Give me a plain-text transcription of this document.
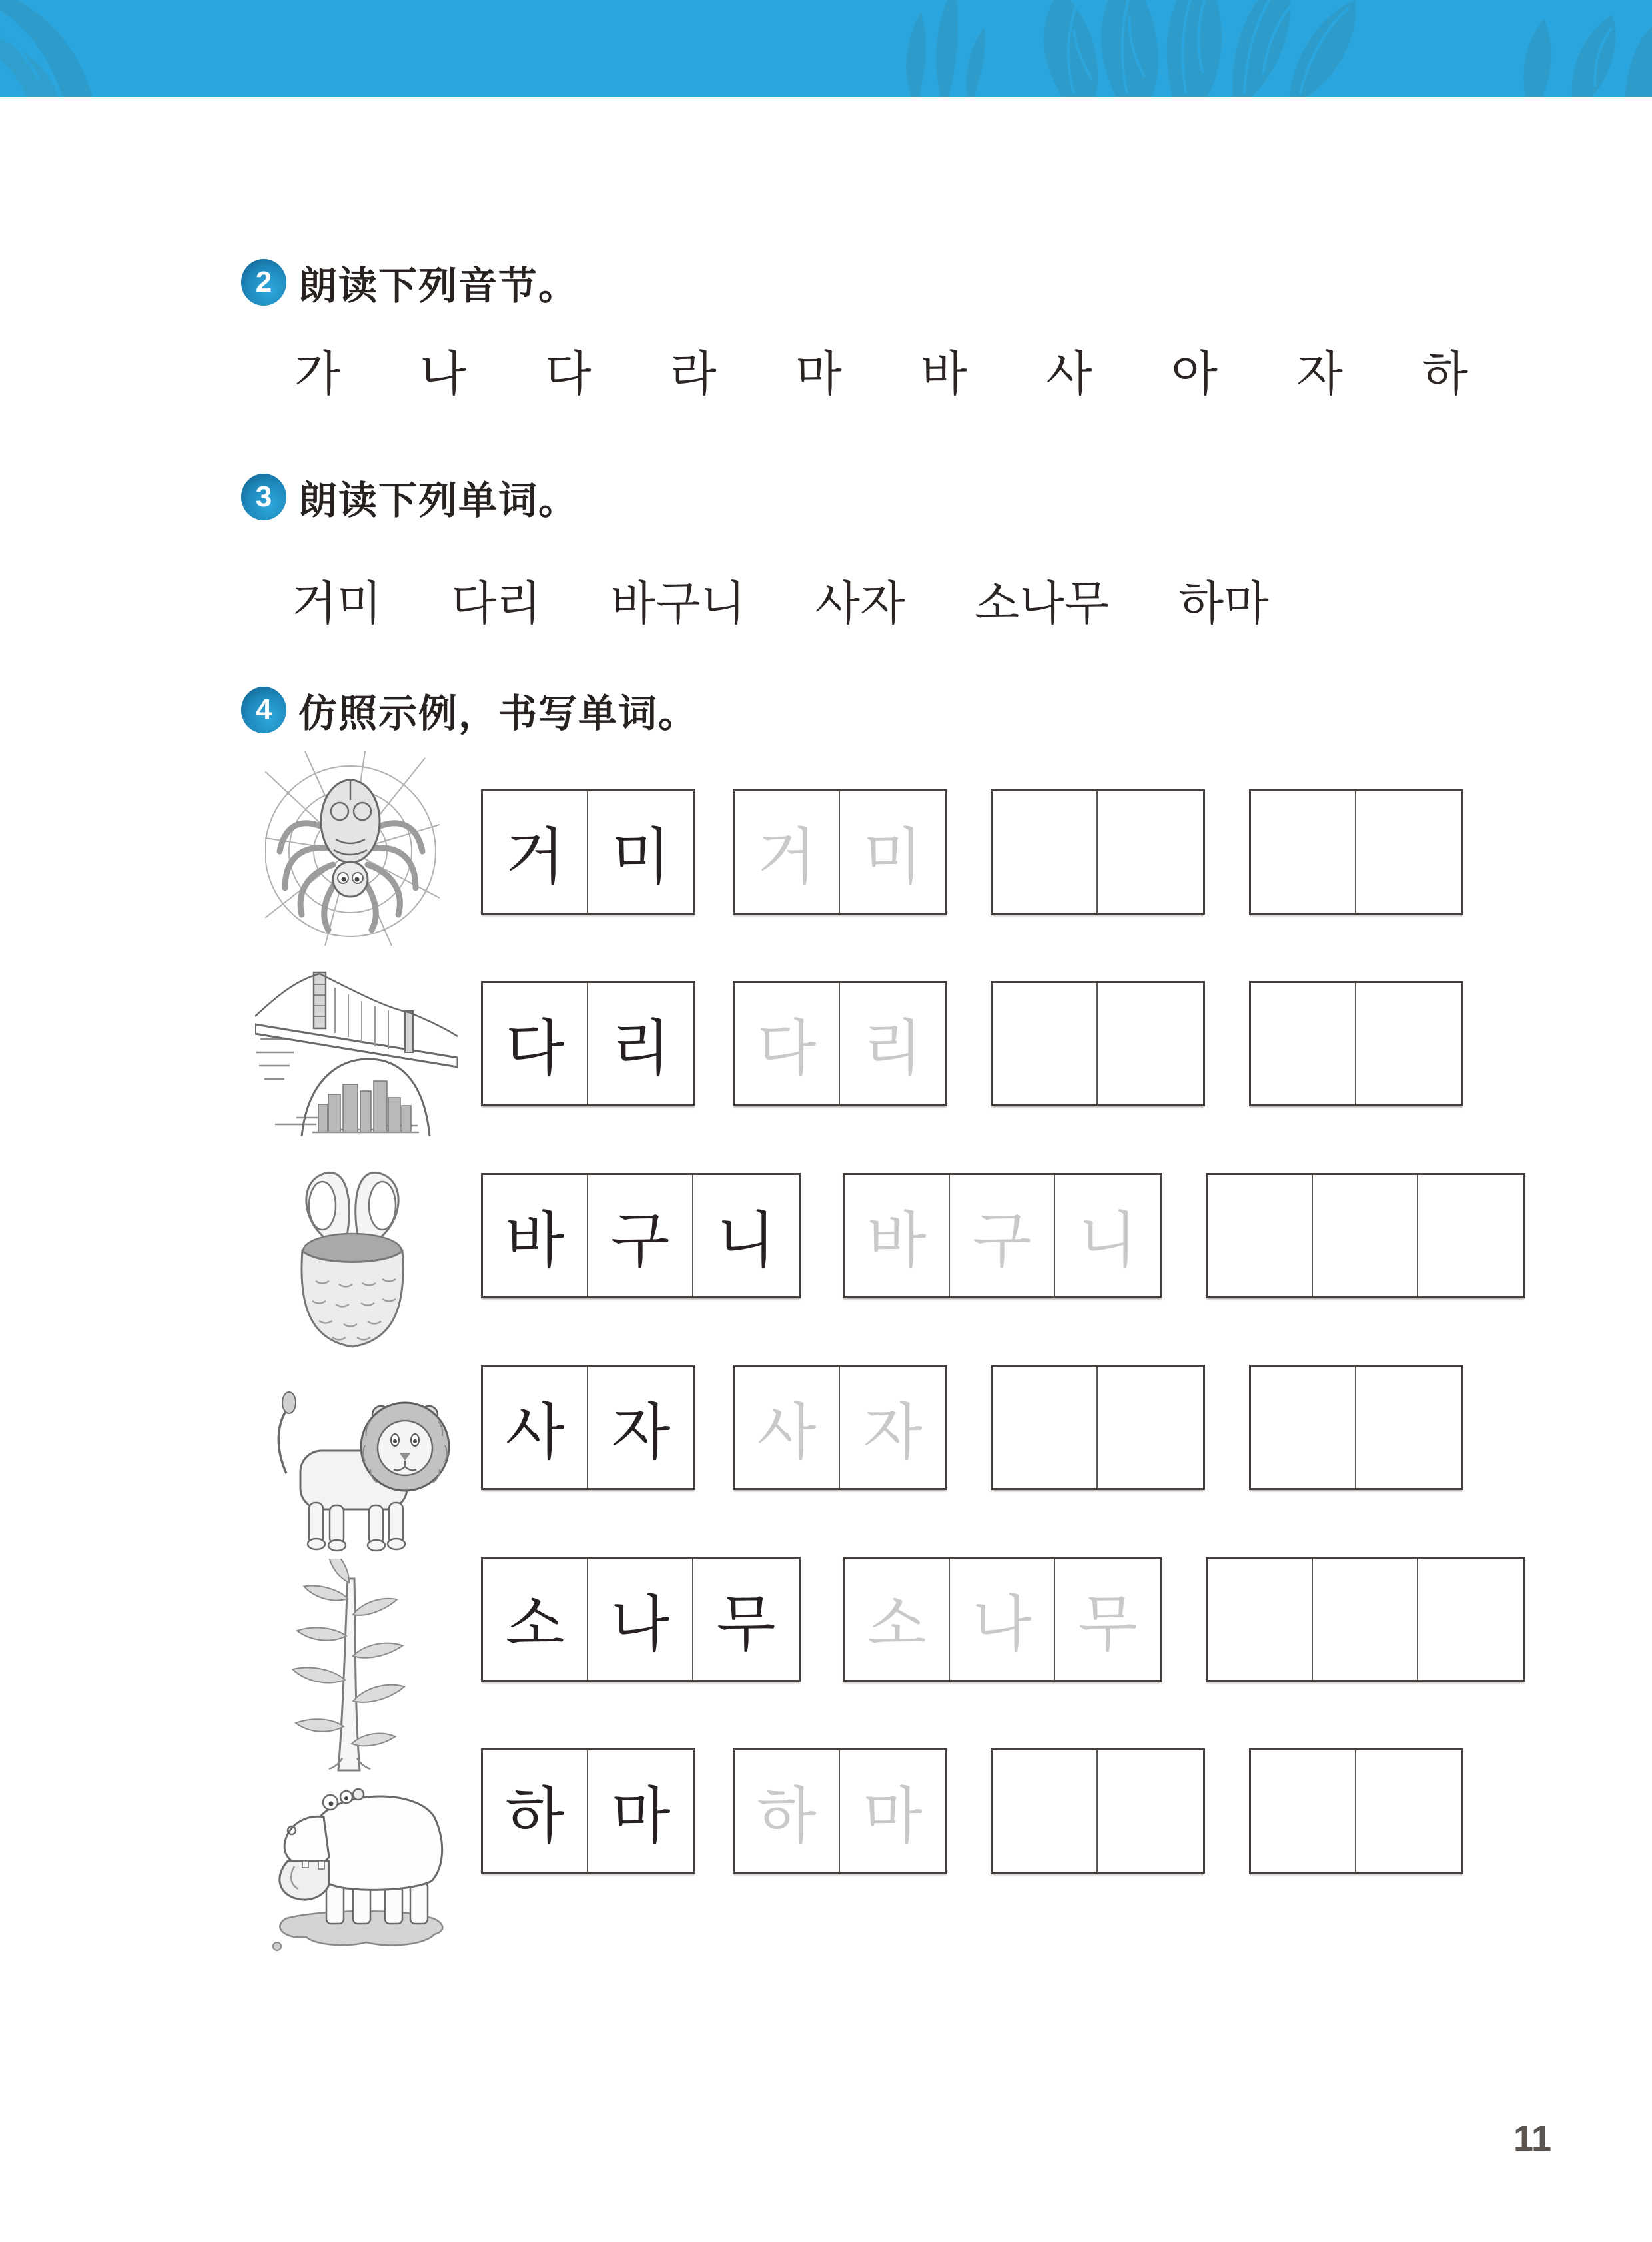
2 朗读下列音节。
가 나 다 라 마 바 사 아 자 하
3 朗读下列单词。
거미 다리 바구니 사자 소나무 하마
4 仿照示例，书写单词。
거 미	거 미
다 리	다 리
바 구 니	바 구 니
사 자	사 자
소 나 무	소 나 무
하 마	하 마
11
